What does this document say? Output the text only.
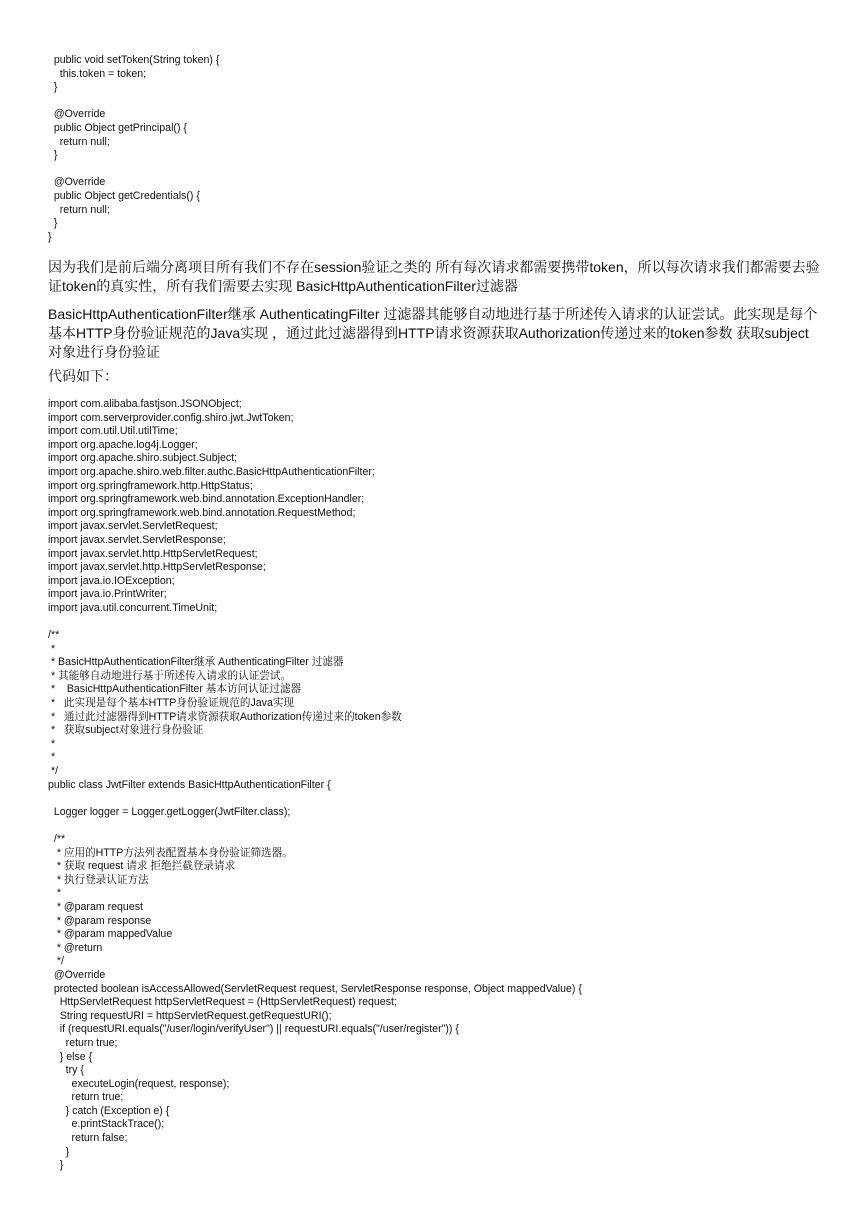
public void setToken(String token) {
this.token = token;
}

@Override
public Object getPrincipal() {
return null;
}

@Override
public Object getCredentials() {
return null;
}
}

因为我们是前后端分离项目所有我们不存在session验证之类的 所有每次请求都需要携带token，所以每次请求我们都需要去验证token的真实性，所有我们需要去实现 BasicHttpAuthenticationFilter过滤器

BasicHttpAuthenticationFilter继承 AuthenticatingFilter 过滤器其能够自动地进行基于所述传入请求的认证尝试。此实现是每个基本HTTP身份验证规范的Java实现 ，通过此过滤器得到HTTP请求资源获取Authorization传递过来的token参数 获取subject对象进行身份验证

代码如下：

import com.alibaba.fastjson.JSONObject;
import com.serverprovider.config.shiro.jwt.JwtToken;
import com.util.Util.utilTime;
import org.apache.log4j.Logger;
import org.apache.shiro.subject.Subject;
import org.apache.shiro.web.filter.authc.BasicHttpAuthenticationFilter;
import org.springframework.http.HttpStatus;
import org.springframework.web.bind.annotation.ExceptionHandler;
import org.springframework.web.bind.annotation.RequestMethod;
import javax.servlet.ServletRequest;
import javax.servlet.ServletResponse;
import javax.servlet.http.HttpServletRequest;
import javax.servlet.http.HttpServletResponse;
import java.io.IOException;
import java.io.PrintWriter;
import java.util.concurrent.TimeUnit;

/**
*
* BasicHttpAuthenticationFilter继承 AuthenticatingFilter 过滤器
* 其能够自动地进行基于所述传入请求的认证尝试。
*    BasicHttpAuthenticationFilter 基本访问认证过滤器
*   此实现是每个基本HTTP身份验证规范的Java实现
*   通过此过滤器得到HTTP请求资源获取Authorization传递过来的token参数
*   获取subject对象进行身份验证
*
*
*/
public class JwtFilter extends BasicHttpAuthenticationFilter {

Logger logger = Logger.getLogger(JwtFilter.class);

/**
* 应用的HTTP方法列表配置基本身份验证筛选器。
* 获取 request 请求 拒绝拦截登录请求
* 执行登录认证方法
*
* @param request
* @param response
* @param mappedValue
* @return
*/
@Override
protected boolean isAccessAllowed(ServletRequest request, ServletResponse response, Object mappedValue) {
HttpServletRequest httpServletRequest = (HttpServletRequest) request;
String requestURI = httpServletRequest.getRequestURI();
if (requestURI.equals("/user/login/verifyUser") || requestURI.equals("/user/register")) {
return true;
} else {
try {
executeLogin(request, response);
return true;
} catch (Exception e) {
e.printStackTrace();
return false;
}
}
